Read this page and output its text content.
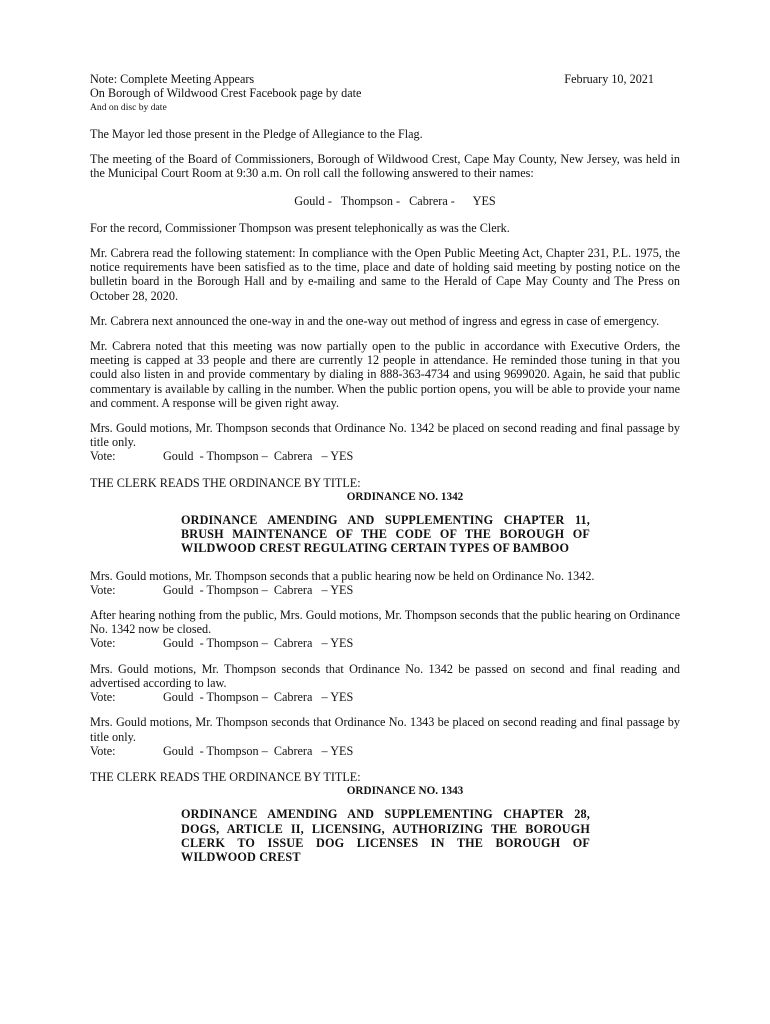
Note: Complete Meeting Appears
On Borough of Wildwood Crest Facebook page by date
And on disc by date
February 10, 2021

The Mayor led those present in the Pledge of Allegiance to the Flag.

The meeting of the Board of Commissioners, Borough of Wildwood Crest, Cape May County, New Jersey, was held in the Municipal Court Room at 9:30 a.m. On roll call the following answered to their names:

Gould -   Thompson -   Cabrera -      YES

For the record, Commissioner Thompson was present telephonically as was the Clerk.

Mr. Cabrera read the following statement: In compliance with the Open Public Meeting Act, Chapter 231, P.L. 1975, the notice requirements have been satisfied as to the time, place and date of holding said meeting by posting notice on the bulletin board in the Borough Hall and by e-mailing and same to the Herald of Cape May County and The Press on October 28, 2020.

Mr. Cabrera next announced the one-way in and the one-way out method of ingress and egress in case of emergency.

Mr. Cabrera noted that this meeting was now partially open to the public in accordance with Executive Orders, the meeting is capped at 33 people and there are currently 12 people in attendance. He reminded those tuning in that you could also listen in and provide commentary by dialing in 888-363-4734 and using 9699020. Again, he said that public commentary is available by calling in the number. When the public portion opens, you will be able to provide your name and comment. A response will be given right away.

Mrs. Gould motions, Mr. Thompson seconds that Ordinance No. 1342 be placed on second reading and final passage by title only.

Vote:	Gould  - Thompson –  Cabrera   – YES

THE CLERK READS THE ORDINANCE BY TITLE:

ORDINANCE NO. 1342

ORDINANCE AMENDING AND SUPPLEMENTING CHAPTER 11, BRUSH MAINTENANCE OF THE CODE OF THE BOROUGH OF WILDWOOD CREST REGULATING CERTAIN TYPES OF BAMBOO

Mrs. Gould motions, Mr. Thompson seconds that a public hearing now be held on Ordinance No. 1342.

Vote:	Gould  - Thompson –  Cabrera   – YES

After hearing nothing from the public, Mrs. Gould motions, Mr. Thompson seconds that the public hearing on Ordinance No. 1342 now be closed.

Vote:	Gould  - Thompson –  Cabrera   – YES

Mrs. Gould motions, Mr. Thompson seconds that Ordinance No. 1342 be passed on second and final reading and advertised according to law.

Vote:	Gould  - Thompson –  Cabrera   – YES

Mrs. Gould motions, Mr. Thompson seconds that Ordinance No. 1343 be placed on second reading and final passage by title only.

Vote:	Gould  - Thompson –  Cabrera   – YES

THE CLERK READS THE ORDINANCE BY TITLE:

ORDINANCE NO. 1343

ORDINANCE AMENDING AND SUPPLEMENTING CHAPTER 28, DOGS, ARTICLE II, LICENSING, AUTHORIZING THE BOROUGH CLERK TO ISSUE DOG LICENSES IN THE BOROUGH OF WILDWOOD CREST
